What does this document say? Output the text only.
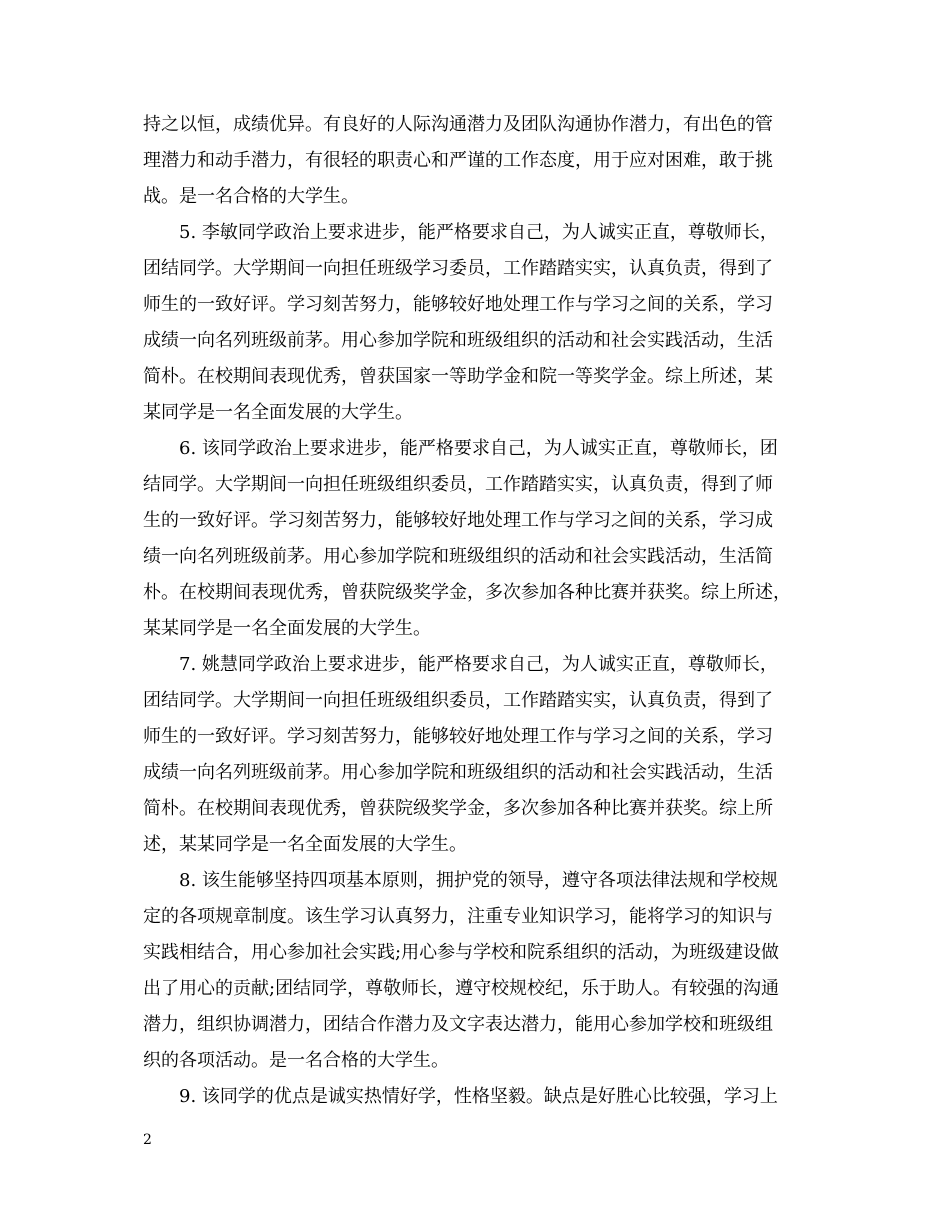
持之以恒，成绩优异。有良好的人际沟通潜力及团队沟通协作潜力，有出色的管
理潜力和动手潜力，有很轻的职责心和严谨的工作态度，用于应对困难，敢于挑
战。是一名合格的大学生。
5. 李敏同学政治上要求进步，能严格要求自己，为人诚实正直，尊敬师长，
团结同学。大学期间一向担任班级学习委员，工作踏踏实实，认真负责，得到了
师生的一致好评。学习刻苦努力，能够较好地处理工作与学习之间的关系，学习
成绩一向名列班级前茅。用心参加学院和班级组织的活动和社会实践活动，生活
简朴。在校期间表现优秀，曾获国家一等助学金和院一等奖学金。综上所述，某
某同学是一名全面发展的大学生。
6. 该同学政治上要求进步，能严格要求自己，为人诚实正直，尊敬师长，团
结同学。大学期间一向担任班级组织委员，工作踏踏实实，认真负责，得到了师
生的一致好评。学习刻苦努力，能够较好地处理工作与学习之间的关系，学习成
绩一向名列班级前茅。用心参加学院和班级组织的活动和社会实践活动，生活简
朴。在校期间表现优秀，曾获院级奖学金，多次参加各种比赛并获奖。综上所述，
某某同学是一名全面发展的大学生。
7. 姚慧同学政治上要求进步，能严格要求自己，为人诚实正直，尊敬师长，
团结同学。大学期间一向担任班级组织委员，工作踏踏实实，认真负责，得到了
师生的一致好评。学习刻苦努力，能够较好地处理工作与学习之间的关系，学习
成绩一向名列班级前茅。用心参加学院和班级组织的活动和社会实践活动，生活
简朴。在校期间表现优秀，曾获院级奖学金，多次参加各种比赛并获奖。综上所
述，某某同学是一名全面发展的大学生。
8. 该生能够坚持四项基本原则，拥护党的领导，遵守各项法律法规和学校规
定的各项规章制度。该生学习认真努力，注重专业知识学习，能将学习的知识与
实践相结合，用心参加社会实践;用心参与学校和院系组织的活动，为班级建设做
出了用心的贡献;团结同学，尊敬师长，遵守校规校纪，乐于助人。有较强的沟通
潜力，组织协调潜力，团结合作潜力及文字表达潜力，能用心参加学校和班级组
织的各项活动。是一名合格的大学生。
9. 该同学的优点是诚实热情好学，性格坚毅。缺点是好胜心比较强，学习上
2
